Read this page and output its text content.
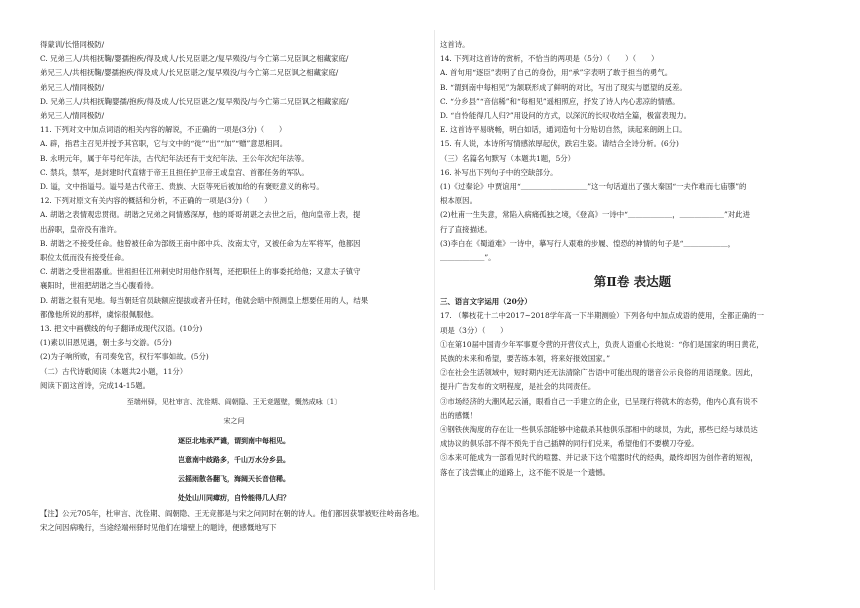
得蒙训/长惜同极防/

C. 兄弟三人/共相抚鞠/婴孺抱疾/得及成人/长兄臣谌之/复早殒没/与今亡第二兄臣讽之相藏家庭/

弟兄三人/共相抚鞠/婴孺抱疾/得及成人/长兄臣谌之/复早殒没/与今亡第二兄臣讽之相藏家庭/

弟兄三人/情同极防/

D. 兄弟三人/共相抚鞠婴孺/抱疾/得及成人/长兄臣谌之/复早殒没/与今亡第二兄臣讽之相藏家庭/

弟兄三人/情同极防/

11. 下列对文中加点词语的相关内容的解说，不正确的一项是(3分)（　　）

A. 辟，指君主召见并授予其官职，它与文中的“徙”“出”“加”“赠”意思相同。

B. 永明元年，属于年号纪年法，古代纪年法还有干支纪年法、王公年次纪年法等。

C. 禁兵，禁军，是封建时代直辖于帝王且担任护卫帝王或皇宫、首都任务的军队。

D. 谥，文中指谥号。谥号是古代帝王、贵族、大臣等死后被加给的有褒贬意义的称号。

12. 下列对原文有关内容的概括和分析，不正确的一项是(3分)（　　）

A. 胡谐之表情观忠贯彻。胡谐之兄弟之间情感深厚，他的哥哥胡谌之去世之后，他向皇帝上表，提

出辞职，皇帝没有准许。

B. 胡谐之不接受任命。他曾被任命为部级王南中郎中兵、汝南太守，又被任命为左军将军，他都因

职位太低而没有接受任命。

C. 胡谐之受世祖器重。世祖担任江州刺史时用他作别驾，还把职任上的事委托给他；又意太子镇守

襄阳时，世祖把胡谐之当心腹看待。

D. 胡谐之很有见地。每当朝廷官员缺额应提拔或者升任时，他就会暗中预测皇上想要任用的人，结果

都像他所说的那样，虞悰很佩服他。

13. 把文中画横线的句子翻译成现代汉语。(10分)

(1)素以旧恩见遇，朝士多与交游。(5分)

(2)为子响所败，有司奏免官，权行军事如故。(5分)

（二）古代诗歌阅读（本题共2小题，11分）

阅读下面这首诗，完成14-15题。

至端州驿，见杜审言、沈佺期、阎朝隐、王无竞题壁，慨然成咏〔1〕

宋之问

逐臣北地承严谴，谓到南中每相见。

岂意南中歧路多，千山万水分乡县。

云摇雨散各翻飞，海阔天长音信稀。

处处山川同瘴疠，自怜能得几人归？

【注】公元705年，杜审言、沈佺期、阎朝隐、王无竞都是与宋之问同时在朝的诗人。他们都因获罪被贬往岭南各地。宋之问因病晚行，当途经端州驿时见他们在墙壁上的题诗，便感慨地写下

这首诗。

14. 下列对这首诗的赏析，不恰当的两项是（5分）（　　）（　　）

A. 首句用“逐臣”表明了自己的身份，用“承”字表明了敢于担当的勇气。

B. “谓到南中每相见”为颔联形成了鲜明的对比，写出了现实与愿望的反差。

C. “分乡县”“音信稀”和“每相见”遥相照应，抒发了诗人内心悲凉的情感。

D. “自怜能得几人归?”用设问的方式，以深沉的长叹收结全篇，极富表现力。

E. 这首诗平易晓畅，明白如话，通词造句十分贴切自然，读起来朗朗上口。

15. 有人说，本诗所写情感浓厚起伏，跌宕生姿。请结合全诗分析。(6分)

（三）名篇名句默写（本题共1题，5分）

16. 补写出下列句子中的空缺部分。

(1)《过秦论》中贾谊用“＿＿＿＿＿＿＿＿＿”这一句话道出了强大秦国“一夫作难而七庙隳”的

根本原因。

(2)杜甫一生失意，常陷入病痛孤独之境，《登高》一诗中“＿＿＿＿＿＿，＿＿＿＿＿＿”对此进

行了直接描述。

(3)李白在《蜀道难》一诗中，摹写行人艰难的步履、惶恐的神情的句子是“＿＿＿＿＿＿，

＿＿＿＿＿＿”。

第Ⅱ卷 表达题

三、语言文字运用（20分）

17. （攀枝花十二中2017~2018学年高一下半期测验）下列各句中加点成语的使用，全都正确的一

项是（3分）（　　）

①在第10届中国青少年军事夏令营的开营仪式上，负责人语重心长地说：“你们是国家的明日黄花，

民族的未来和希望，要苦练本领，将来好报效国家。”

②在社会生活领域中，短时期内还无法清除广告语中可能出现的谐音公示良俗的用语现象。因此，

提升广告发布的文明程度，是社会的共同责任。

③市场经济的大潮风起云涌，眼看自己一手建立的企业，已呈现行将就木的态势，他内心真有说不

出的感慨！

④钢铁侠淘度的存在让一些俱乐部能够中途截杀其他俱乐部相中的球员，为此，那些已经与球员达

成协议的俱乐部不得不预先于自己插牌的同行们兑来，希望他们不要横刀夺爱。

⑤本来可能成为一部看见时代的喧嚣、并记录下这个喧嚣时代的经典，最终却因为创作者的短视，

落在了浅尝辄止的道路上，这不能不说是一个遗憾。
